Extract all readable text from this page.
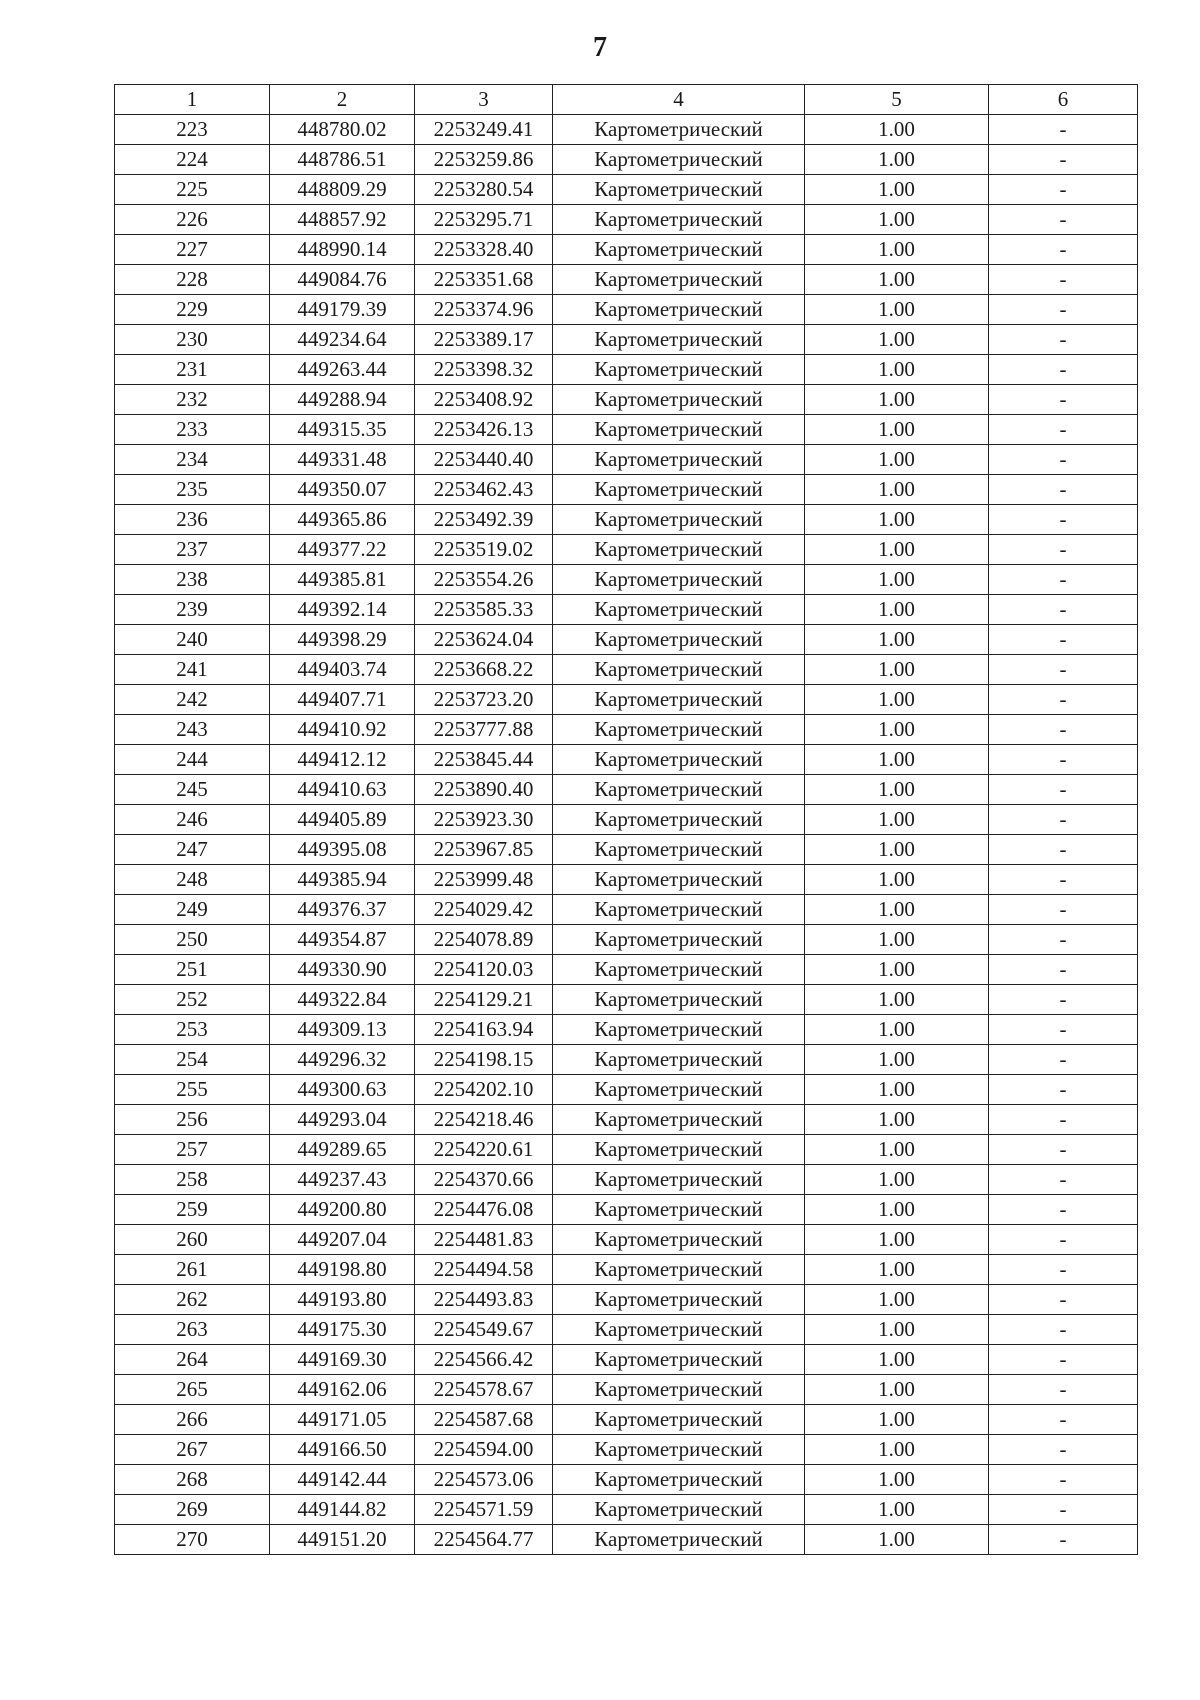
7
1	2	3	4	5	6
223	448780.02	2253249.41	Картометрический	1.00	-
224	448786.51	2253259.86	Картометрический	1.00	-
225	448809.29	2253280.54	Картометрический	1.00	-
226	448857.92	2253295.71	Картометрический	1.00	-
227	448990.14	2253328.40	Картометрический	1.00	-
228	449084.76	2253351.68	Картометрический	1.00	-
229	449179.39	2253374.96	Картометрический	1.00	-
230	449234.64	2253389.17	Картометрический	1.00	-
231	449263.44	2253398.32	Картометрический	1.00	-
232	449288.94	2253408.92	Картометрический	1.00	-
233	449315.35	2253426.13	Картометрический	1.00	-
234	449331.48	2253440.40	Картометрический	1.00	-
235	449350.07	2253462.43	Картометрический	1.00	-
236	449365.86	2253492.39	Картометрический	1.00	-
237	449377.22	2253519.02	Картометрический	1.00	-
238	449385.81	2253554.26	Картометрический	1.00	-
239	449392.14	2253585.33	Картометрический	1.00	-
240	449398.29	2253624.04	Картометрический	1.00	-
241	449403.74	2253668.22	Картометрический	1.00	-
242	449407.71	2253723.20	Картометрический	1.00	-
243	449410.92	2253777.88	Картометрический	1.00	-
244	449412.12	2253845.44	Картометрический	1.00	-
245	449410.63	2253890.40	Картометрический	1.00	-
246	449405.89	2253923.30	Картометрический	1.00	-
247	449395.08	2253967.85	Картометрический	1.00	-
248	449385.94	2253999.48	Картометрический	1.00	-
249	449376.37	2254029.42	Картометрический	1.00	-
250	449354.87	2254078.89	Картометрический	1.00	-
251	449330.90	2254120.03	Картометрический	1.00	-
252	449322.84	2254129.21	Картометрический	1.00	-
253	449309.13	2254163.94	Картометрический	1.00	-
254	449296.32	2254198.15	Картометрический	1.00	-
255	449300.63	2254202.10	Картометрический	1.00	-
256	449293.04	2254218.46	Картометрический	1.00	-
257	449289.65	2254220.61	Картометрический	1.00	-
258	449237.43	2254370.66	Картометрический	1.00	-
259	449200.80	2254476.08	Картометрический	1.00	-
260	449207.04	2254481.83	Картометрический	1.00	-
261	449198.80	2254494.58	Картометрический	1.00	-
262	449193.80	2254493.83	Картометрический	1.00	-
263	449175.30	2254549.67	Картометрический	1.00	-
264	449169.30	2254566.42	Картометрический	1.00	-
265	449162.06	2254578.67	Картометрический	1.00	-
266	449171.05	2254587.68	Картометрический	1.00	-
267	449166.50	2254594.00	Картометрический	1.00	-
268	449142.44	2254573.06	Картометрический	1.00	-
269	449144.82	2254571.59	Картометрический	1.00	-
270	449151.20	2254564.77	Картометрический	1.00	-
